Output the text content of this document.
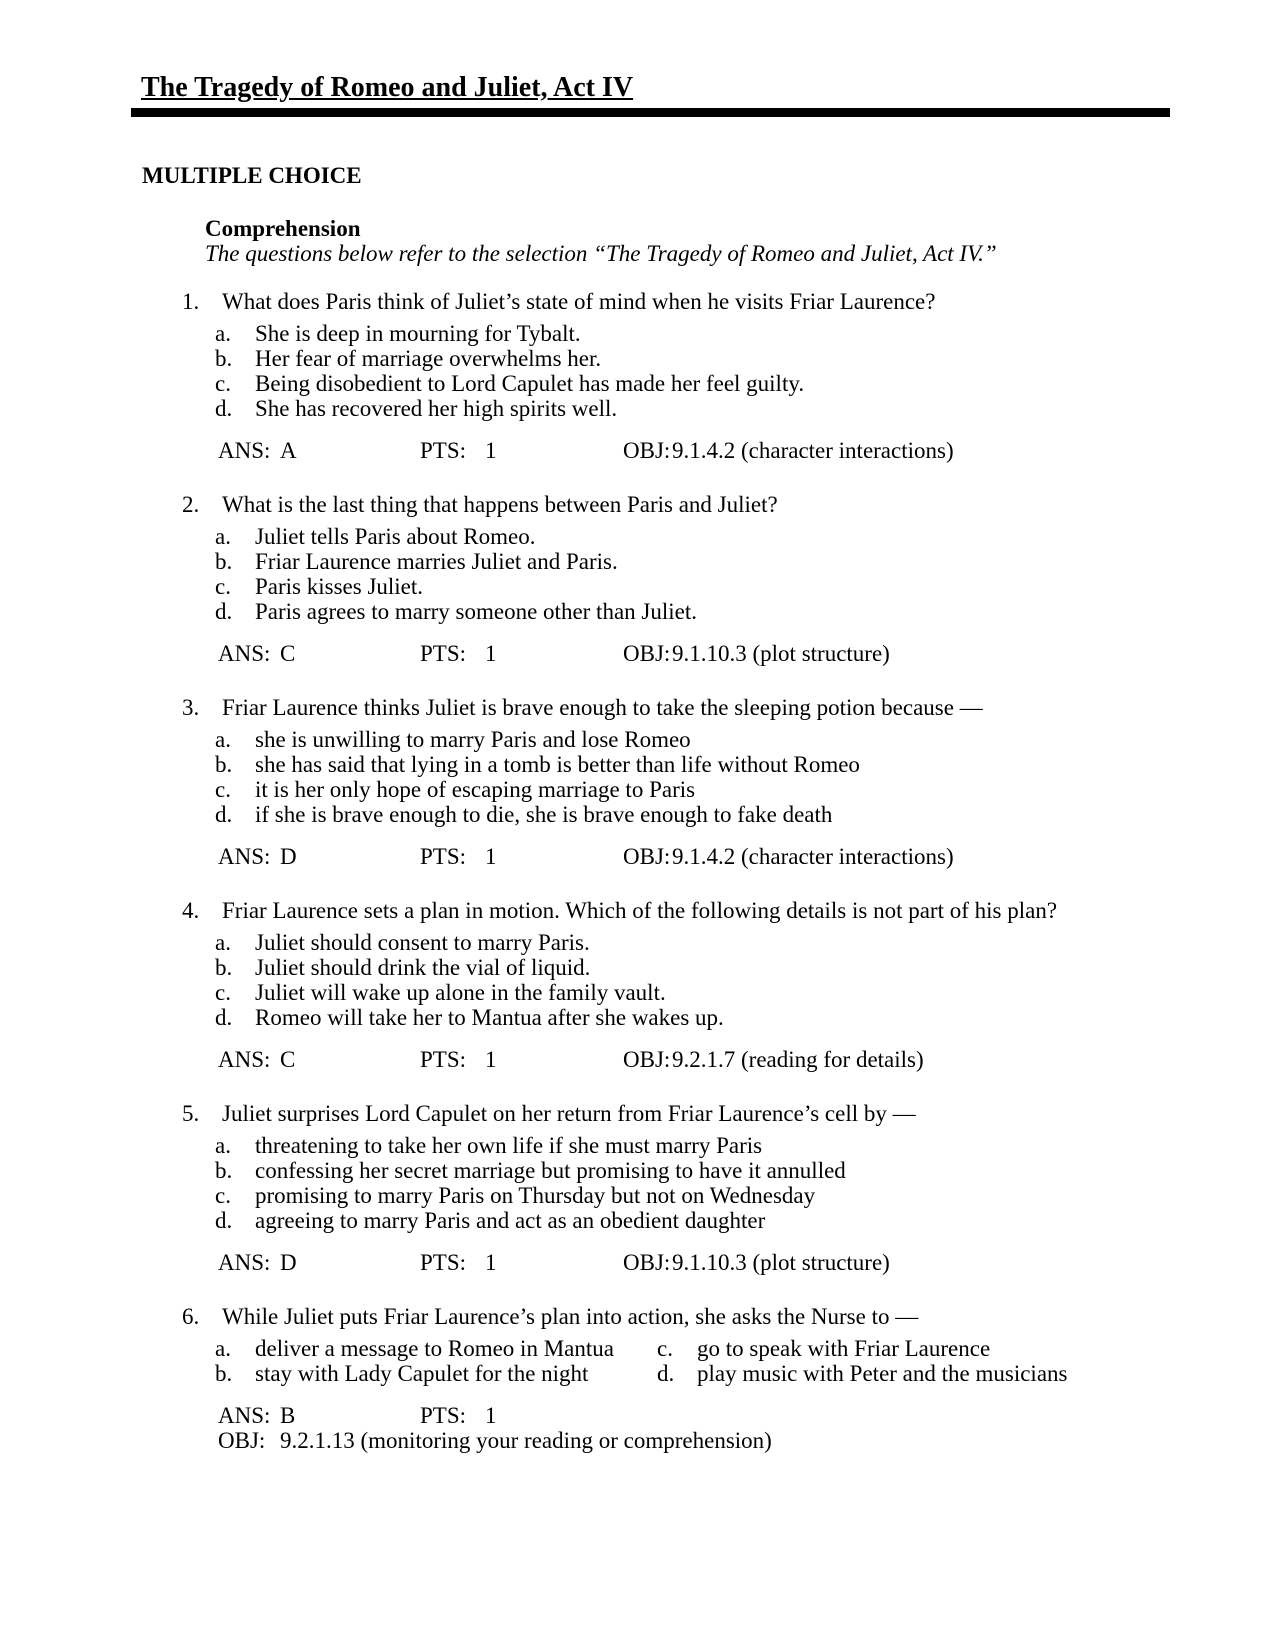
The Tragedy of Romeo and Juliet, Act IV
MULTIPLE CHOICE
Comprehension
The questions below refer to the selection “The Tragedy of Romeo and Juliet, Act IV.”
1. What does Paris think of Juliet’s state of mind when he visits Friar Laurence?
a.	She is deep in mourning for Tybalt.
b. Her fear of marriage overwhelms her.
c.	Being disobedient to Lord Capulet has made her feel guilty.
d. She has recovered her high spirits well.
ANS: A	PTS: 1	OBJ: 9.1.4.2 (character interactions)
2. What is the last thing that happens between Paris and Juliet?
a.	Juliet tells Paris about Romeo.
b. Friar Laurence marries Juliet and Paris.
c.	Paris kisses Juliet.
d. Paris agrees to marry someone other than Juliet.
ANS: C	PTS: 1	OBJ: 9.1.10.3 (plot structure)
3. Friar Laurence thinks Juliet is brave enough to take the sleeping potion because —
a.	she is unwilling to marry Paris and lose Romeo
b. she has said that lying in a tomb is better than life without Romeo
c.	it is her only hope of escaping marriage to Paris
d. if she is brave enough to die, she is brave enough to fake death
ANS: D	PTS: 1	OBJ: 9.1.4.2 (character interactions)
4. Friar Laurence sets a plan in motion. Which of the following details is not part of his plan?
a.	Juliet should consent to marry Paris.
b. Juliet should drink the vial of liquid.
c.	Juliet will wake up alone in the family vault.
d. Romeo will take her to Mantua after she wakes up.
ANS: C	PTS: 1	OBJ: 9.2.1.7 (reading for details)
5. Juliet surprises Lord Capulet on her return from Friar Laurence’s cell by —
a.	threatening to take her own life if she must marry Paris
b. confessing her secret marriage but promising to have it annulled
c.	promising to marry Paris on Thursday but not on Wednesday
d. agreeing to marry Paris and act as an obedient daughter
ANS: D	PTS: 1	OBJ: 9.1.10.3 (plot structure)
6. While Juliet puts Friar Laurence’s plan into action, she asks the Nurse to —
a.	deliver a message to Romeo in Mantua	c.	go to speak with Friar Laurence
b. stay with Lady Capulet for the night	d. play music with Peter and the musicians
ANS: B	PTS: 1
OBJ: 9.2.1.13 (monitoring your reading or comprehension)
